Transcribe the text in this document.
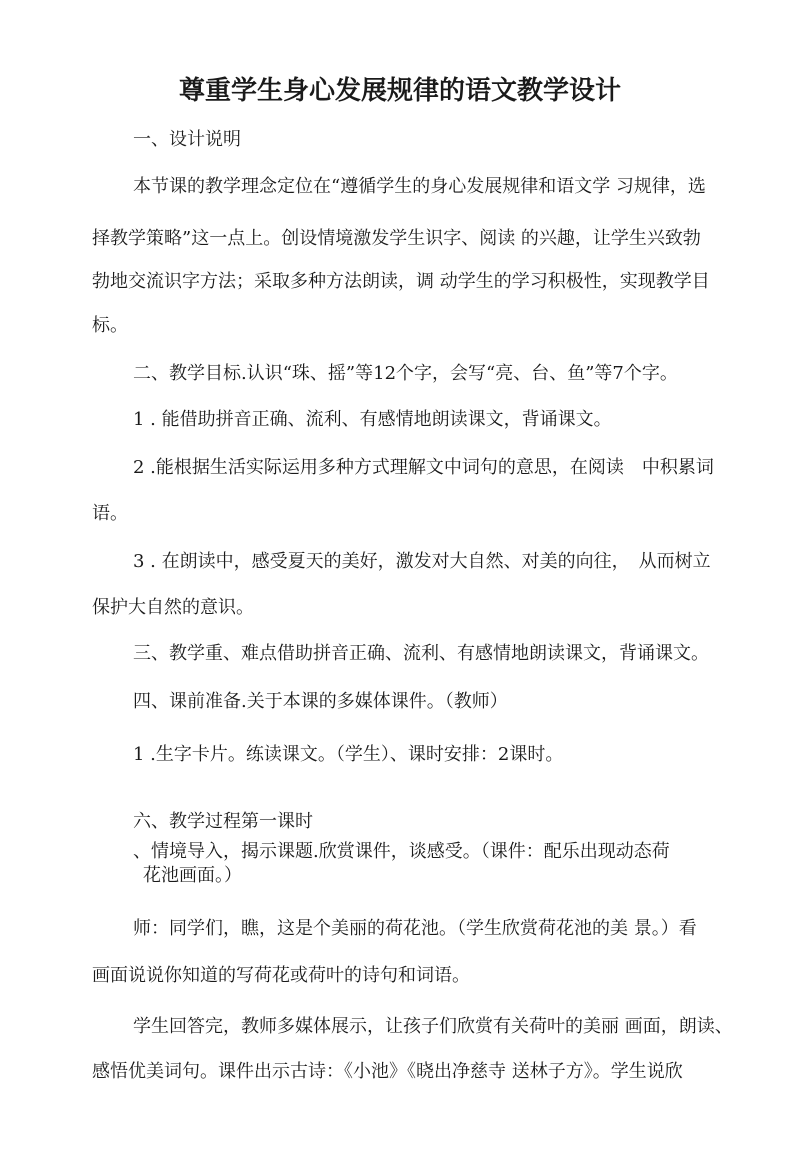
尊重学生身心发展规律的语文教学设计

一、设计说明

本节课的教学理念定位在“遵循学生的身心发展规律和语文学 习规律，选

择教学策略”这一点上。创设情境激发学生识字、阅读 的兴趣，让学生兴致勃

勃地交流识字方法；采取多种方法朗读，调 动学生的学习积极性，实现教学目

标。

二、教学目标.认识“珠、摇”等12个字，会写“亮、台、鱼”等7个字。

1 . 能借助拼音正确、流利、有感情地朗读课文，背诵课文。

2 .能根据生活实际运用多种方式理解文中词句的意思，在阅读　中积累词

语。

3 . 在朗读中，感受夏天的美好，激发对大自然、对美的向往，　从而树立

保护大自然的意识。

三、教学重、难点借助拼音正确、流利、有感情地朗读课文，背诵课文。

四、课前准备.关于本课的多媒体课件。（教师）

1 .生字卡片。练读课文。（学生）、课时安排：2课时。

六、教学过程第一课时

、情境导入，揭示课题.欣赏课件，谈感受。（课件：配乐出现动态荷

花池画面。）

师：同学们，瞧，这是个美丽的荷花池。（学生欣赏荷花池的美 景。）看

画面说说你知道的写荷花或荷叶的诗句和词语。

学生回答完，教师多媒体展示，让孩子们欣赏有关荷叶的美丽 画面，朗读、

感悟优美词句。课件出示古诗：《小池》《晓出净慈寺 送林子方》。学生说欣
